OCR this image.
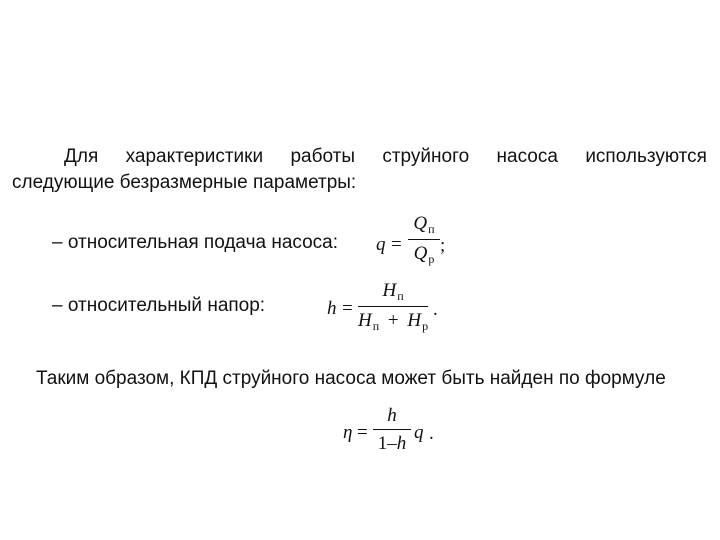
Для характеристики работы струйного насоса используются
следующие безразмерные параметры:
– относительная подача насоса: q =
$Q_п$
$Q_р$
;
– относительный напор:	h =
$H_п$
$H_п + H_р$
.
Таким образом, КПД струйного насоса может быть найден по формуле
η =
h
1–h
q .
